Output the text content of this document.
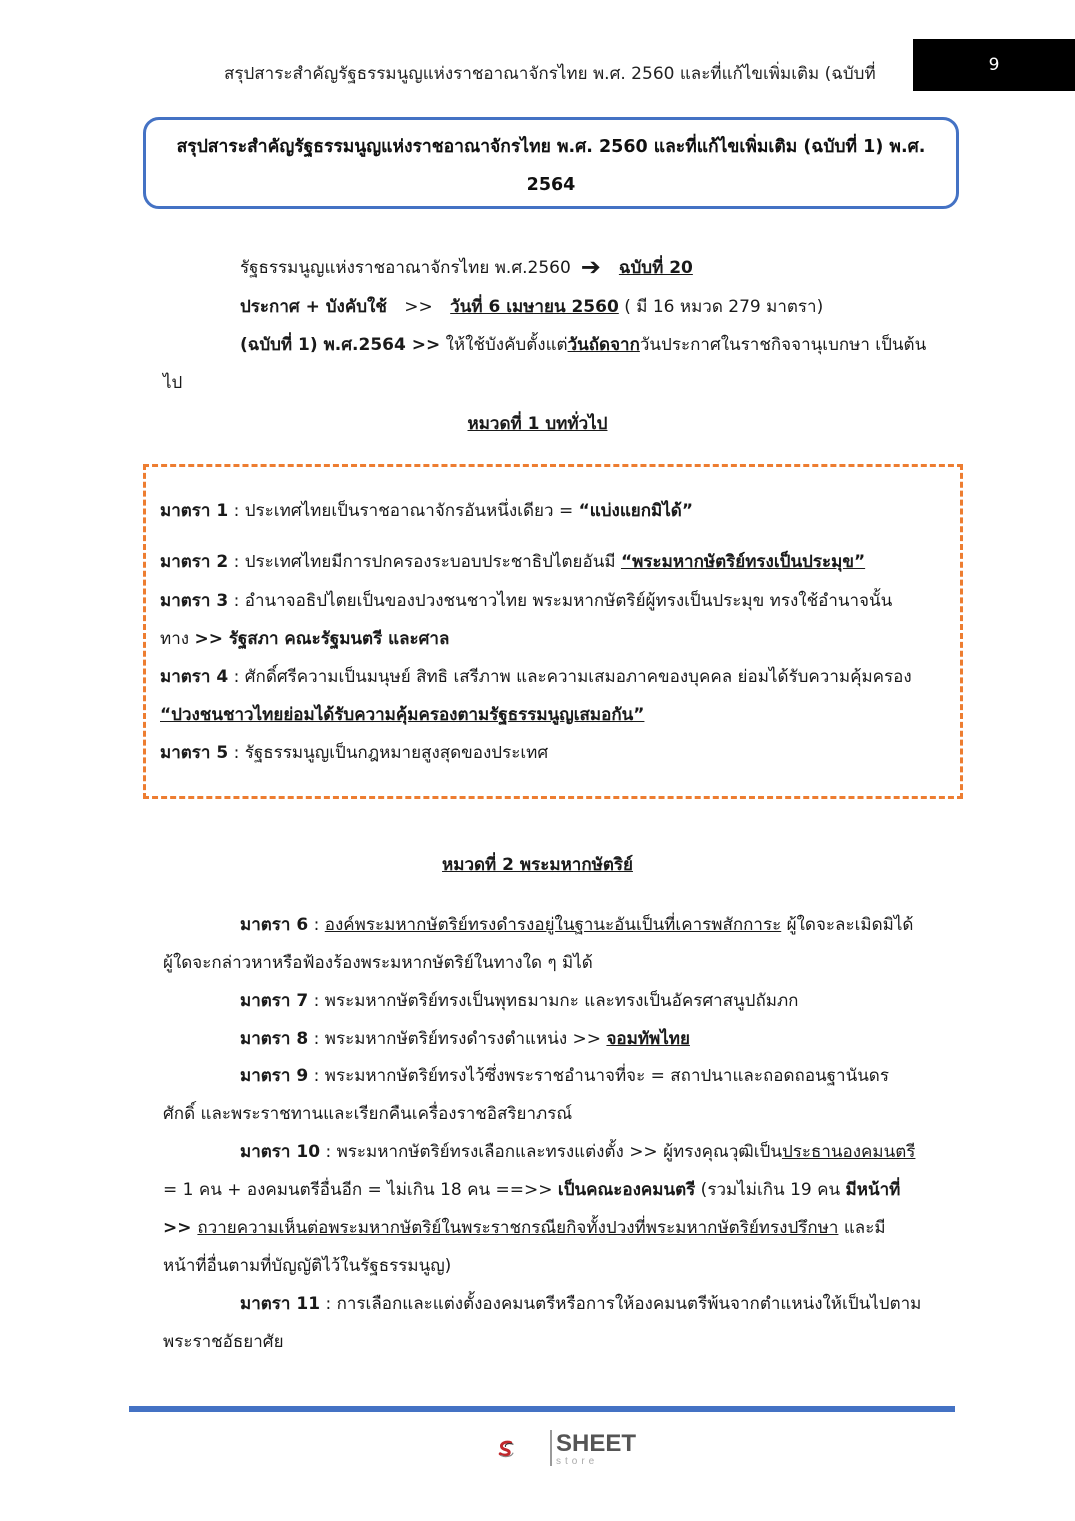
สรุปสาระสำคัญรัฐธรรมนูญแห่งราชอาณาจักรไทย พ.ศ. 2560 และที่แก้ไขเพิ่มเติม (ฉบับที่	9
สรุปสาระสำคัญรัฐธรรมนูญแห่งราชอาณาจักรไทย พ.ศ. 2560 และที่แก้ไขเพิ่มเติม (ฉบับที่ 1) พ.ศ.
2564
รัฐธรรมนูญแห่งราชอาณาจักรไทย พ.ศ.2560 ➔ ฉบับที่ 20
ประกาศ + บังคับใช้ >> วันที่ 6 เมษายน 2560 ( มี 16 หมวด 279 มาตรา)
(ฉบับที่ 1) พ.ศ.2564 >> ให้ใช้บังคับตั้งแต่วันถัดจากวันประกาศในราชกิจจานุเบกษา เป็นต้น
ไป
หมวดที่ 1 บททั่วไป
มาตรา 1 : ประเทศไทยเป็นราชอาณาจักรอันหนึ่งเดียว = “แบ่งแยกมิได้”
มาตรา 2 : ประเทศไทยมีการปกครองระบอบประชาธิปไตยอันมี “พระมหากษัตริย์ทรงเป็นประมุข”
มาตรา 3 : อำนาจอธิปไตยเป็นของปวงชนชาวไทย พระมหากษัตริย์ผู้ทรงเป็นประมุข ทรงใช้อำนาจนั้น
ทาง >> รัฐสภา คณะรัฐมนตรี และศาล
มาตรา 4 : ศักดิ์ศรีความเป็นมนุษย์ สิทธิ เสรีภาพ และความเสมอภาคของบุคคล ย่อมได้รับความคุ้มครอง
“ปวงชนชาวไทยย่อมได้รับความคุ้มครองตามรัฐธรรมนูญเสมอกัน”
มาตรา 5 : รัฐธรรมนูญเป็นกฎหมายสูงสุดของประเทศ
หมวดที่ 2 พระมหากษัตริย์
มาตรา 6 : องค์พระมหากษัตริย์ทรงดำรงอยู่ในฐานะอันเป็นที่เคารพสักการะ ผู้ใดจะละเมิดมิได้
ผู้ใดจะกล่าวหาหรือฟ้องร้องพระมหากษัตริย์ในทางใด ๆ มิได้
มาตรา 7 : พระมหากษัตริย์ทรงเป็นพุทธมามกะ และทรงเป็นอัครศาสนูปถัมภก
มาตรา 8 : พระมหากษัตริย์ทรงดำรงตำแหน่ง >> จอมทัพไทย
มาตรา 9 : พระมหากษัตริย์ทรงไว้ซึ่งพระราชอำนาจที่จะ = สถาปนาและถอดถอนฐานันดร
ศักดิ์ และพระราชทานและเรียกคืนเครื่องราชอิสริยาภรณ์
มาตรา 10 : พระมหากษัตริย์ทรงเลือกและทรงแต่งตั้ง >> ผู้ทรงคุณวุฒิเป็นประธานองคมนตรี
= 1 คน + องคมนตรีอื่นอีก = ไม่เกิน 18 คน ==>> เป็นคณะองคมนตรี (รวมไม่เกิน 19 คน มีหน้าที่
>> ถวายความเห็นต่อพระมหากษัตริย์ในพระราชกรณียกิจทั้งปวงที่พระมหากษัตริย์ทรงปรึกษา และมี
หน้าที่อื่นตามที่บัญญัติไว้ในรัฐธรรมนูญ)
มาตรา 11 : การเลือกและแต่งตั้งองคมนตรีหรือการให้องคมนตรีพ้นจากตำแหน่งให้เป็นไปตาม
พระราชอัธยาศัย
SHEET
store
